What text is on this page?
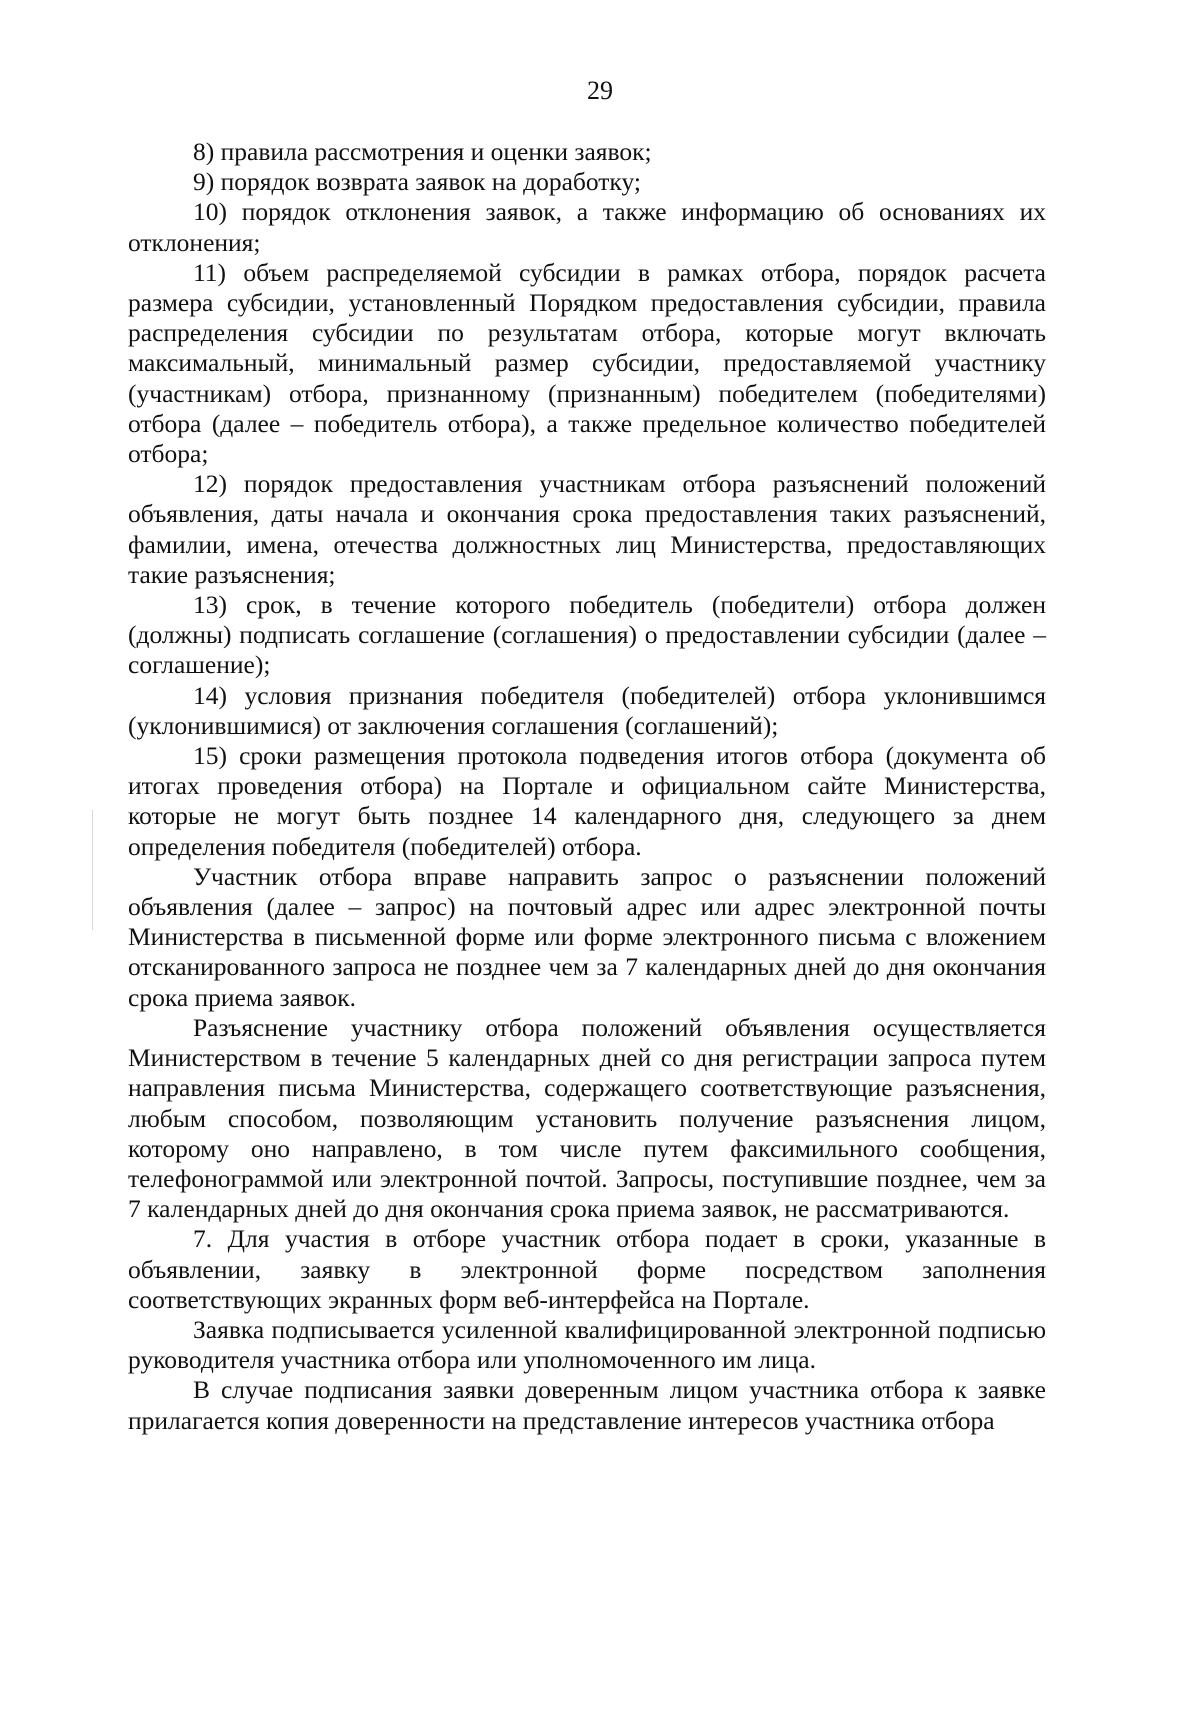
29

8) правила рассмотрения и оценки заявок;

9) порядок возврата заявок на доработку;

10) порядок отклонения заявок, а также информацию об основаниях их отклонения;

11) объем распределяемой субсидии в рамках отбора, порядок расчета размера субсидии, установленный Порядком предоставления субсидии, правила распределения субсидии по результатам отбора, которые могут включать максимальный, минимальный размер субсидии, предоставляемой участнику (участникам) отбора, признанному (признанным) победителем (победителями) отбора (далее – победитель отбора), а также предельное количество победителей отбора;

12) порядок предоставления участникам отбора разъяснений положений объявления, даты начала и окончания срока предоставления таких разъяснений, фамилии, имена, отечества должностных лиц Министерства, предоставляющих такие разъяснения;

13) срок, в течение которого победитель (победители) отбора должен (должны) подписать соглашение (соглашения) о предоставлении субсидии (далее – соглашение);

14) условия признания победителя (победителей) отбора уклонившимся (уклонившимися) от заключения соглашения (соглашений);

15) сроки размещения протокола подведения итогов отбора (документа об итогах проведения отбора) на Портале и официальном сайте Министерства, которые не могут быть позднее 14 календарного дня, следующего за днем определения победителя (победителей) отбора.

Участник отбора вправе направить запрос о разъяснении положений объявления (далее – запрос) на почтовый адрес или адрес электронной почты Министерства в письменной форме или форме электронного письма с вложением отсканированного запроса не позднее чем за 7 календарных дней до дня окончания срока приема заявок.

Разъяснение участнику отбора положений объявления осуществляется Министерством в течение 5 календарных дней со дня регистрации запроса путем направления письма Министерства, содержащего соответствующие разъяснения, любым способом, позволяющим установить получение разъяснения лицом, которому оно направлено, в том числе путем факсимильного сообщения, телефонограммой или электронной почтой. Запросы, поступившие позднее, чем за 7 календарных дней до дня окончания срока приема заявок, не рассматриваются.

7. Для участия в отборе участник отбора подает в сроки, указанные в объявлении, заявку в электронной форме посредством заполнения соответствующих экранных форм веб-интерфейса на Портале.

Заявка подписывается усиленной квалифицированной электронной подписью руководителя участника отбора или уполномоченного им лица.

В случае подписания заявки доверенным лицом участника отбора к заявке прилагается копия доверенности на представление интересов участника отбора
